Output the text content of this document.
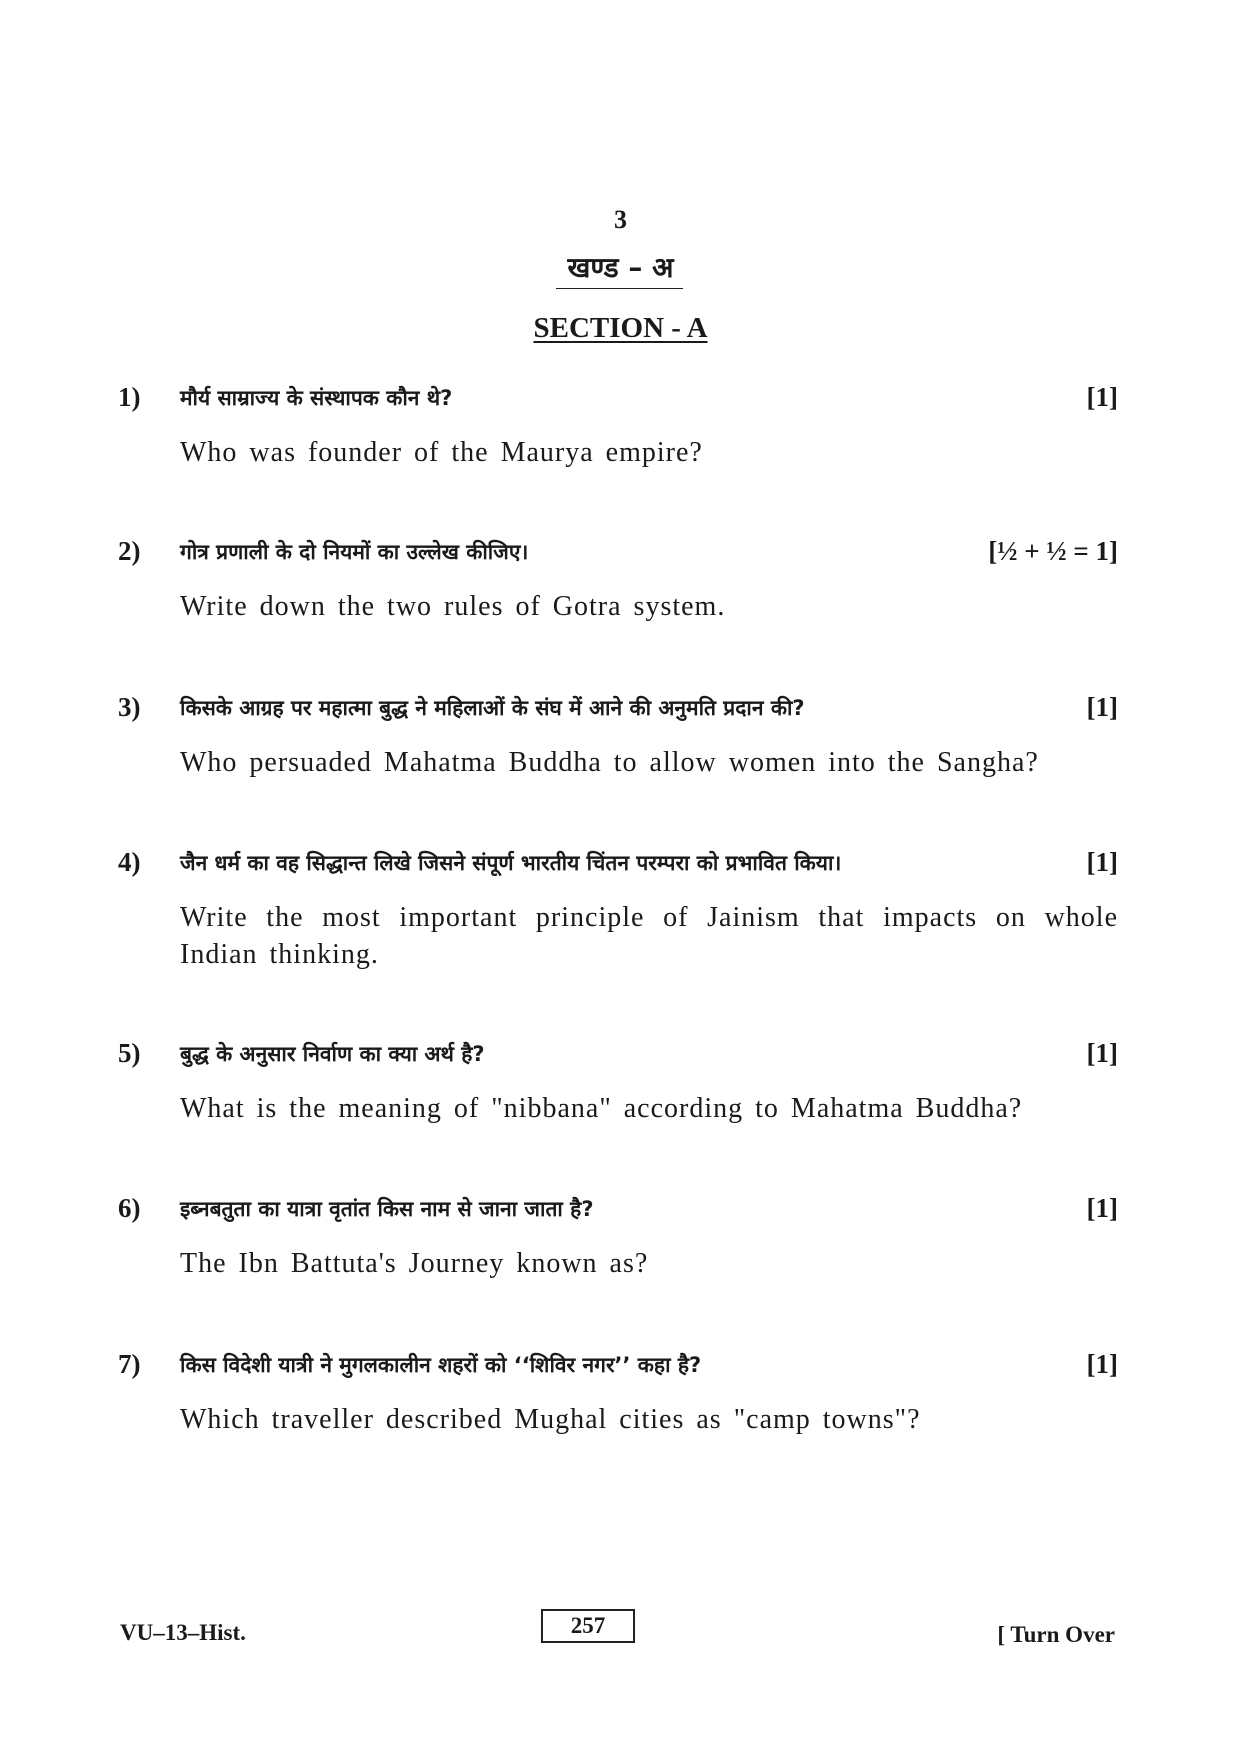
3
खण्ड – अ
SECTION - A
1) मौर्य साम्राज्य के संस्थापक कौन थे?	[1]
Who was founder of the Maurya empire?
2) गोत्र प्रणाली के दो नियमों का उल्लेख कीजिए।	[½ + ½ = 1]
Write down the two rules of Gotra system.
3) किसके आग्रह पर महात्मा बुद्ध ने महिलाओं के संघ में आने की अनुमति प्रदान की?	[1]
Who persuaded Mahatma Buddha to allow women into the Sangha?
4) जैन धर्म का वह सिद्धान्त लिखे जिसने संपूर्ण भारतीय चिंतन परम्परा को प्रभावित किया।	[1]
Write the most important principle of Jainism that impacts on whole Indian thinking.
5) बुद्ध के अनुसार निर्वाण का क्या अर्थ है?	[1]
What is the meaning of "nibbana" according to Mahatma Buddha?
6) इब्नबतुता का यात्रा वृतांत किस नाम से जाना जाता है?	[1]
The Ibn Battuta's Journey known as?
7) किस विदेशी यात्री ने मुगलकालीन शहरों को ‘‘शिविर नगर’’ कहा है?	[1]
Which traveller described Mughal cities as "camp towns"?
VU–13–Hist.	257	[ Turn Over
